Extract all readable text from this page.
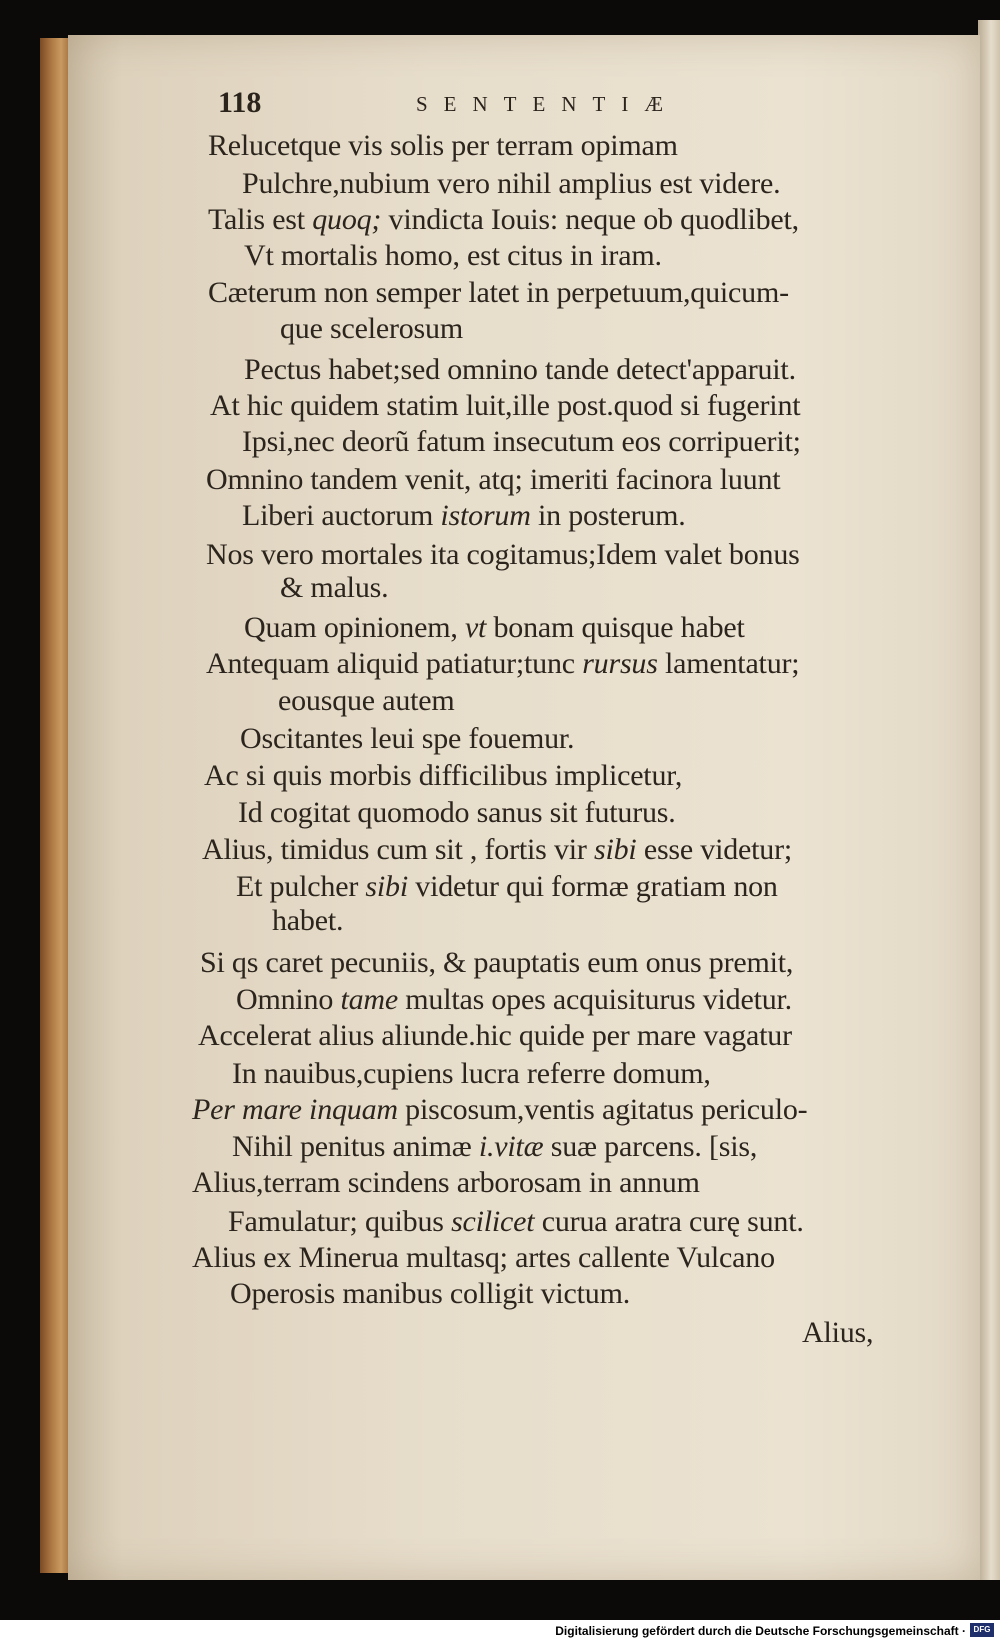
118	SENTENTIÆ
Relucetque vis solis per terram opimam
Pulchre,nubium vero nihil amplius est videre.
Talis est quoq; vindicta Iouis: neque ob quodlibet,
Vt mortalis homo, est citus in iram.
Cæterum non semper latet in perpetuum,quicum-
que scelerosum
Pectus habet;sed omnino tande detect'apparuit.
At hic quidem statim luit,ille post.quod si fugerint
Ipsi,nec deorũ fatum insecutum eos corripuerit;
Omnino tandem venit, atq; imeriti facinora luunt
Liberi auctorum istorum in posterum.
Nos vero mortales ita cogitamus;Idem valet bonus
& malus.
Quam opinionem, vt bonam quisque habet
Antequam aliquid patiatur;tunc rursus lamentatur;
eousque autem
Oscitantes leui spe fouemur.
Ac si quis morbis difficilibus implicetur,
Id cogitat quomodo sanus sit futurus.
Alius, timidus cum sit , fortis vir sibi esse videtur;
Et pulcher sibi videtur qui formæ gratiam non
habet.
Si qs caret pecuniis, & pauptatis eum onus premit,
Omnino tame multas opes acquisiturus videtur.
Accelerat alius aliunde.hic quide per mare vagatur
In nauibus,cupiens lucra referre domum,
Per mare inquam piscosum,ventis agitatus periculo-
Nihil penitus animæ i.vitæ suæ parcens. [sis,
Alius,terram scindens arborosam in annum
Famulatur; quibus scilicet curua aratra curę sunt.
Alius ex Minerua multasq; artes callente Vulcano
Operosis manibus colligit victum.
Alius,
Digitalisierung gefördert durch die Deutsche Forschungsgemeinschaft · DFG
